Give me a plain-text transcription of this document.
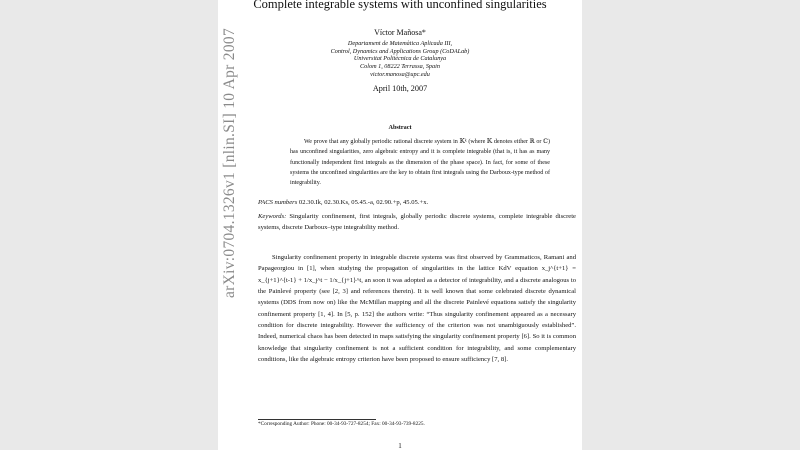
Complete integrable systems with unconfined singularities
Víctor Mañosa*
Departament de Matemàtica Aplicada III,
Control, Dynamics and Applications Group (CoDALab)
Universitat Politècnica de Catalunya
Colom 1, 08222 Terrassa, Spain
victor.manosa@upc.edu
April 10th, 2007
Abstract
We prove that any globally periodic rational discrete system in 𝕂ᵏ (where 𝕂 denotes either ℝ or ℂ) has unconfined singularities, zero algebraic entropy and it is complete integrable (that is, it has as many functionally independent first integrals as the dimension of the phase space). In fact, for some of these systems the unconfined singularities are the key to obtain first integrals using the Darboux-type method of integrability.
PACS numbers 02.30.Ik, 02.30.Ks, 05.45.-a, 02.90.+p, 45.05.+x.
Keywords: Singularity confinement, first integrals, globally periodic discrete systems, complete integrable discrete systems, discrete Darboux–type integrability method.
Singularity confinement property in integrable discrete systems was first observed by Grammaticos, Ramani and Papageorgiou in [1], when studying the propagation of singularities in the lattice KdV equation x_j^{t+1} = x_{j+1}^{t-1} + 1/x_j^t − 1/x_{j+1}^t, an soon it was adopted as a detector of integrability, and a discrete analogous to the Painlevé property (see [2, 3] and references therein). It is well known that some celebrated discrete dynamical systems (DDS from now on) like the McMillan mapping and all the discrete Painlevé equations satisfy the singularity confinement property [1, 4]. In [5, p. 152] the authors write: “Thus singularity confinement appeared as a necessary condition for discrete integrability. However the sufficiency of the criterion was not unambiguously established”. Indeed, numerical chaos has been detected in maps satisfying the singularity confinement property [6]. So it is common knowledge that singularity confinement is not a sufficient condition for integrability, and some complementary conditions, like the algebraic entropy criterion have been proposed to ensure sufficiency [7, 8].
*Corresponding Author: Phone: 00-34-93-727-8254; Fax: 00-34-93-739-8225.
1
arXiv:0704.1326v1 [nlin.SI] 10 Apr 2007
